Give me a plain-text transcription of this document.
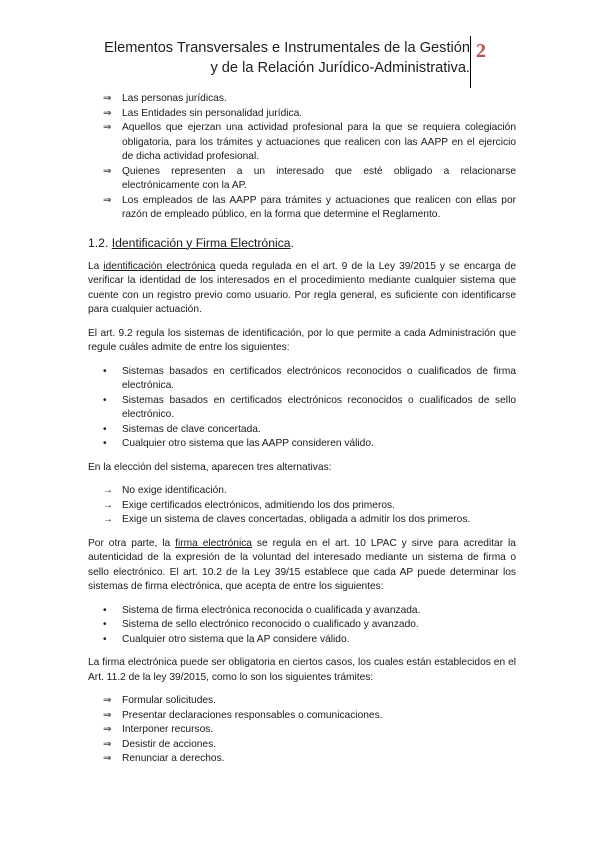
Elementos Transversales e Instrumentales de la Gestión
y de la Relación Jurídico-Administrativa.
2
⇒ Las personas jurídicas.
⇒ Las Entidades sin personalidad jurídica.
⇒ Aquellos que ejerzan una actividad profesional para la que se requiera colegiación obligatoria, para los trámites y actuaciones que realicen con las AAPP en el ejercicio de dicha actividad profesional.
⇒ Quienes representen a un interesado que esté obligado a relacionarse electrónicamente con la AP.
⇒ Los empleados de las AAPP para trámites y actuaciones que realicen con ellas por razón de empleado público, en la forma que determine el Reglamento.
1.2. Identificación y Firma Electrónica.

La identificación electrónica queda regulada en el art. 9 de la Ley 39/2015 y se encarga de verificar la identidad de los interesados en el procedimiento mediante cualquier sistema que cuente con un registro previo como usuario. Por regla general, es suficiente con identificarse para cualquier actuación.

El art. 9.2 regula los sistemas de identificación, por lo que permite a cada Administración que regule cuáles admite de entre los siguientes:

• Sistemas basados en certificados electrónicos reconocidos o cualificados de firma electrónica.
• Sistemas basados en certificados electrónicos reconocidos o cualificados de sello electrónico.
• Sistemas de clave concertada.
• Cualquier otro sistema que las AAPP consideren válido.

En la elección del sistema, aparecen tres alternativas:

→ No exige identificación.
→ Exige certificados electrónicos, admitiendo los dos primeros.
→ Exige un sistema de claves concertadas, obligada a admitir los dos primeros.

Por otra parte, la firma electrónica se regula en el art. 10 LPAC y sirve para acreditar la autenticidad de la expresión de la voluntad del interesado mediante un sistema de firma o sello electrónico. El art. 10.2 de la Ley 39/15 establece que cada AP puede determinar los sistemas de firma electrónica, que acepta de entre los siguientes:

• Sistema de firma electrónica reconocida o cualificada y avanzada.
• Sistema de sello electrónico reconocido o cualificado y avanzado.
• Cualquier otro sistema que la AP considere válido.

La firma electrónica puede ser obligatoria en ciertos casos, los cuales están establecidos en el Art. 11.2 de la ley 39/2015, como lo son los siguientes trámites:

⇒ Formular solicitudes.
⇒ Presentar declaraciones responsables o comunicaciones.
⇒ Interponer recursos.
⇒ Desistir de acciones.
⇒ Renunciar a derechos.
